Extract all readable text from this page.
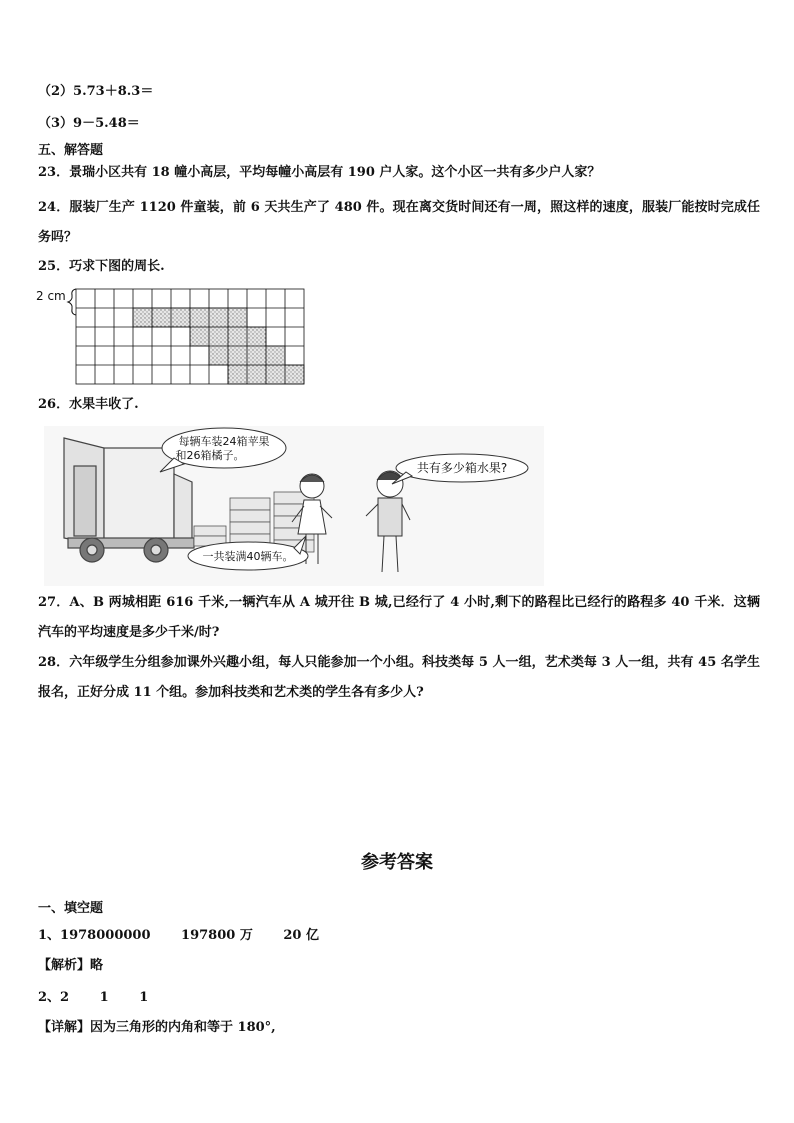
（2）5.73＋8.3＝
（3）9－5.48＝
五、解答题
23．景瑞小区共有 18 幢小高层，平均每幢小高层有 190 户人家。这个小区一共有多少户人家？
24．服装厂生产 1120 件童装，前 6 天共生产了 480 件。现在离交货时间还有一周，照这样的速度，服装厂能按时完成任务吗？
25．巧求下图的周长.
2 cm
26．水果丰收了.
每辆车装24箱苹果
和26箱橘子。
共有多少箱水果?
一共装满40辆车。
27．A、B 两城相距 616 千米,一辆汽车从 A 城开往 B 城,已经行了 4 小时,剩下的路程比已经行的路程多 40 千米．这辆汽车的平均速度是多少千米/时?
28．六年级学生分组参加课外兴趣小组，每人只能参加一个小组。科技类每 5 人一组，艺术类每 3 人一组，共有 45 名学生报名，正好分成 11 个组。参加科技类和艺术类的学生各有多少人?
参考答案
一、填空题
1、1978000000 197800 万 20 亿
【解析】略
2、2 1 1
【详解】因为三角形的内角和等于 180°,
